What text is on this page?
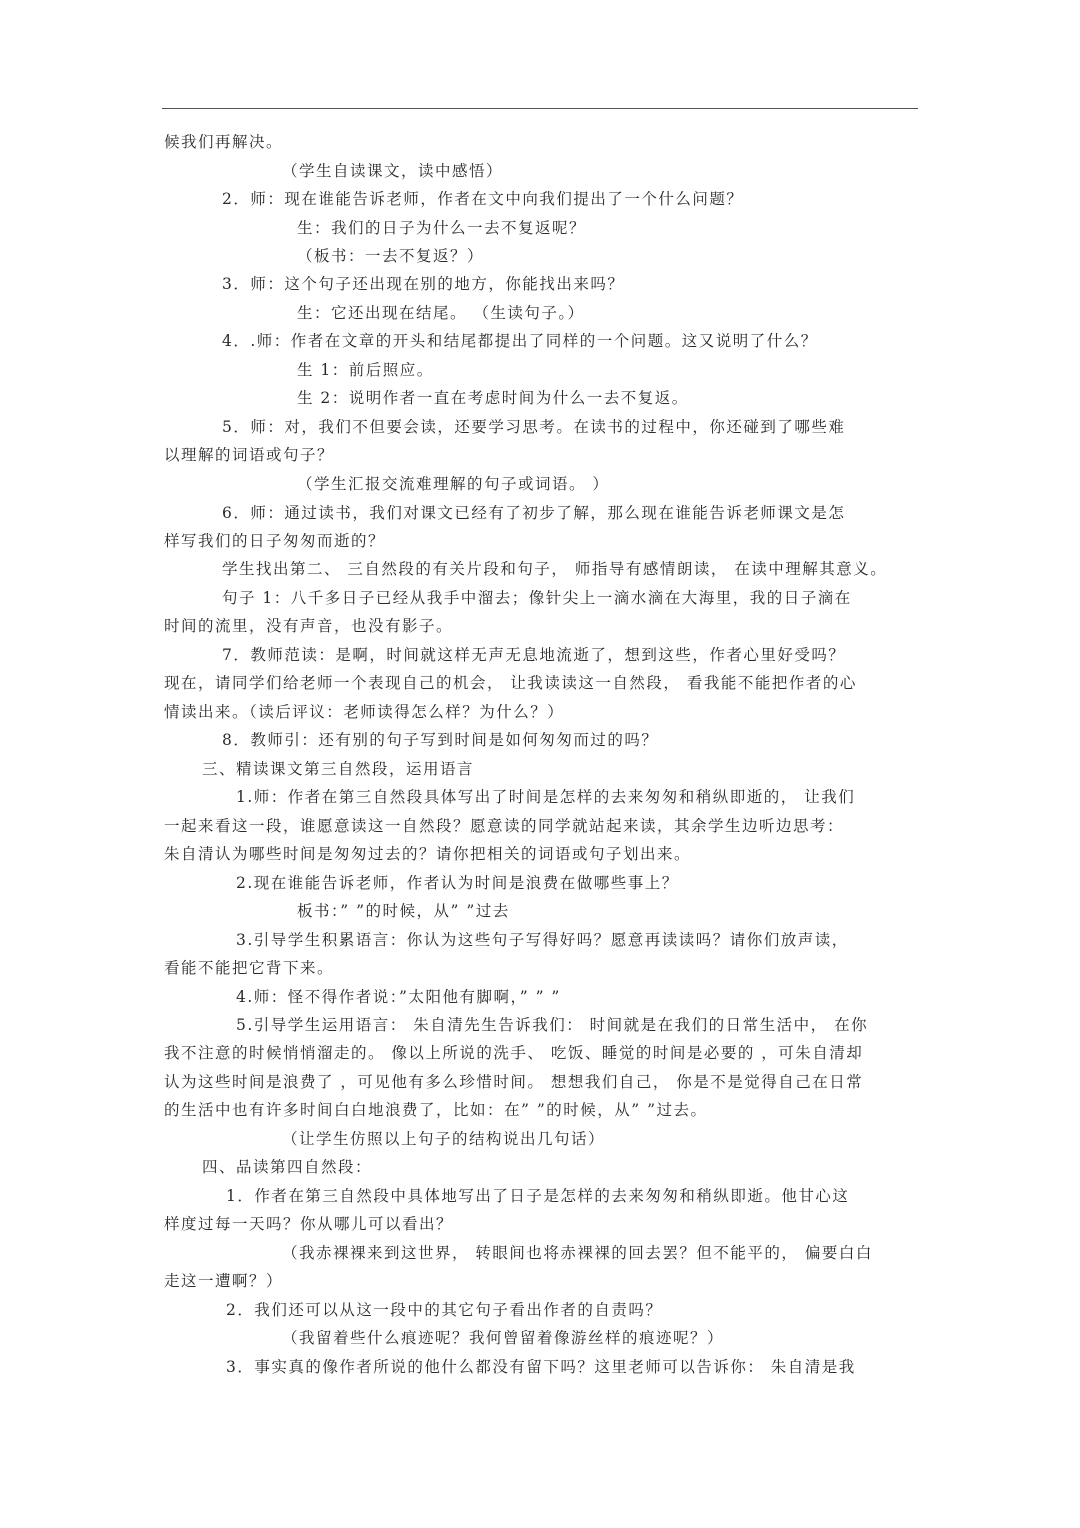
候我们再解决。
（学生自读课文，读中感悟）
2．师：现在谁能告诉老师，作者在文中向我们提出了一个什么问题？
生：我们的日子为什么一去不复返呢？
（板书：一去不复返？）
3．师：这个句子还出现在别的地方，你能找出来吗？
生：它还出现在结尾。 （生读句子。）
4．.师：作者在文章的开头和结尾都提出了同样的一个问题。这又说明了什么？
生 1：前后照应。
生 2：说明作者一直在考虑时间为什么一去不复返。
5．师：对，我们不但要会读，还要学习思考。在读书的过程中，你还碰到了哪些难
以理解的词语或句子？
（学生汇报交流难理解的句子或词语。 ）
6．师：通过读书，我们对课文已经有了初步了解，那么现在谁能告诉老师课文是怎
样写我们的日子匆匆而逝的？
学生找出第二、 三自然段的有关片段和句子， 师指导有感情朗读， 在读中理解其意义。
句子 1：八千多日子已经从我手中溜去；像针尖上一滴水滴在大海里，我的日子滴在
时间的流里，没有声音，也没有影子。
7．教师范读：是啊，时间就这样无声无息地流逝了，想到这些，作者心里好受吗？
现在，请同学们给老师一个表现自己的机会， 让我读读这一自然段， 看我能不能把作者的心
情读出来。（读后评议：老师读得怎么样？为什么？）
8．教师引：还有别的句子写到时间是如何匆匆而过的吗？
三、精读课文第三自然段，运用语言
1.师：作者在第三自然段具体写出了时间是怎样的去来匆匆和稍纵即逝的， 让我们
一起来看这一段，谁愿意读这一自然段？愿意读的同学就站起来读，其余学生边听边思考：
朱自清认为哪些时间是匆匆过去的？请你把相关的词语或句子划出来。
2.现在谁能告诉老师，作者认为时间是浪费在做哪些事上？
板书：” ”的时候，从” ”过去
3.引导学生积累语言：你认为这些句子写得好吗？愿意再读读吗？请你们放声读，
看能不能把它背下来。
4.师：怪不得作者说：”太阳他有脚啊，” ” ”
5.引导学生运用语言： 朱自清先生告诉我们： 时间就是在我们的日常生活中， 在你
我不注意的时候悄悄溜走的。 像以上所说的洗手、 吃饭、睡觉的时间是必要的 ，可朱自清却
认为这些时间是浪费了 ，可见他有多么珍惜时间。 想想我们自己， 你是不是觉得自己在日常
的生活中也有许多时间白白地浪费了，比如：在” ”的时候，从” ”过去。
（让学生仿照以上句子的结构说出几句话）
四、品读第四自然段：
1．作者在第三自然段中具体地写出了日子是怎样的去来匆匆和稍纵即逝。他甘心这
样度过每一天吗？你从哪儿可以看出？
（我赤裸裸来到这世界， 转眼间也将赤裸裸的回去罢？但不能平的， 偏要白白
走这一遭啊？）
2．我们还可以从这一段中的其它句子看出作者的自责吗？
（我留着些什么痕迹呢？我何曾留着像游丝样的痕迹呢？）
3．事实真的像作者所说的他什么都没有留下吗？这里老师可以告诉你： 朱自清是我
